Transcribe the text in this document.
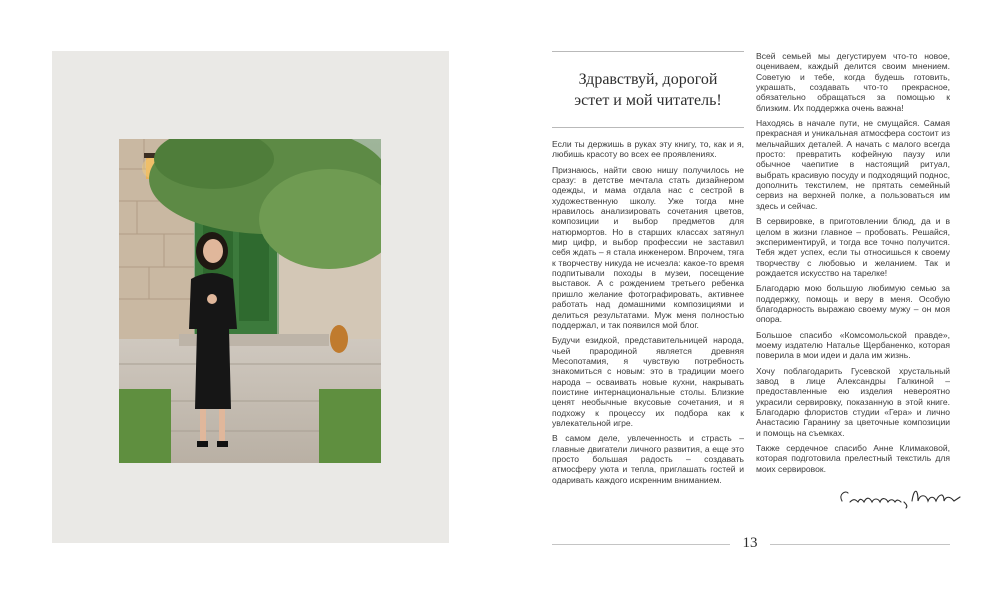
Здравствуй, дорогой эстет и мой читатель!

Если ты держишь в руках эту книгу, то, как и я, любишь красоту во всех ее проявлениях.

Признаюсь, найти свою нишу получилось не сразу: в детстве мечтала стать дизайнером одежды, и мама отдала нас с сестрой в художественную школу. Уже тогда мне нравилось анализировать сочетания цветов, композиции и выбор предметов для натюрмортов. Но в старших классах затянул мир цифр, и выбор профессии не заставил себя ждать – я стала инженером. Впрочем, тяга к творчеству никуда не исчезла: какое-то время подпитывали походы в музеи, посещение выставок. А с рождением третьего ребенка пришло желание фотографировать, активнее работать над домашними композициями и делиться результатами. Муж меня полностью поддержал, и так появился мой блог.

Будучи езидкой, представительницей народа, чьей прародиной является древняя Месопотамия, я чувствую потребность знакомиться с новым: это в традиции моего народа – осваивать новые кухни, накрывать поистине интернациональные столы. Близкие ценят необычные вкусовые сочетания, и я подхожу к процессу их подбора как к увлекательной игре.

В самом деле, увлеченность и страсть – главные двигатели личного развития, а еще это просто большая радость – создавать атмосферу уюта и тепла, приглашать гостей и одаривать каждого искренним вниманием.

Всей семьей мы дегустируем что-то новое, оцениваем, каждый делится своим мнением. Советую и тебе, когда будешь готовить, украшать, создавать что-то прекрасное, обязательно обращаться за помощью к близким. Их поддержка очень важна!

Находясь в начале пути, не смущайся. Самая прекрасная и уникальная атмосфера состоит из мельчайших деталей. А начать с малого всегда просто: превратить кофейную паузу или обычное чаепитие в настоящий ритуал, выбрать красивую посуду и подходящий поднос, дополнить текстилем, не прятать семейный сервиз на верхней полке, а пользоваться им здесь и сейчас.

В сервировке, в приготовлении блюд, да и в целом в жизни главное – пробовать. Решайся, экспериментируй, и тогда все точно получится. Тебя ждет успех, если ты относишься к своему творчеству с любовью и желанием. Так и рождается искусство на тарелке!

Благодарю мою большую любимую семью за поддержку, помощь и веру в меня. Особую благодарность выражаю своему мужу – он моя опора.

Большое спасибо «Комсомольской правде», моему издателю Наталье Щербаненко, которая поверила в мои идеи и дала им жизнь.

Хочу поблагодарить Гусевской хрустальный завод в лице Александры Галкиной – предоставленные ею изделия невероятно украсили сервировку, показанную в этой книге. Благодарю флористов студии «Гера» и лично Анастасию Гаранину за цветочные композиции и помощь на съемках.

Также сердечное спасибо Анне Климаковой, которая подготовила прелестный текстиль для моих сервировок.

13
